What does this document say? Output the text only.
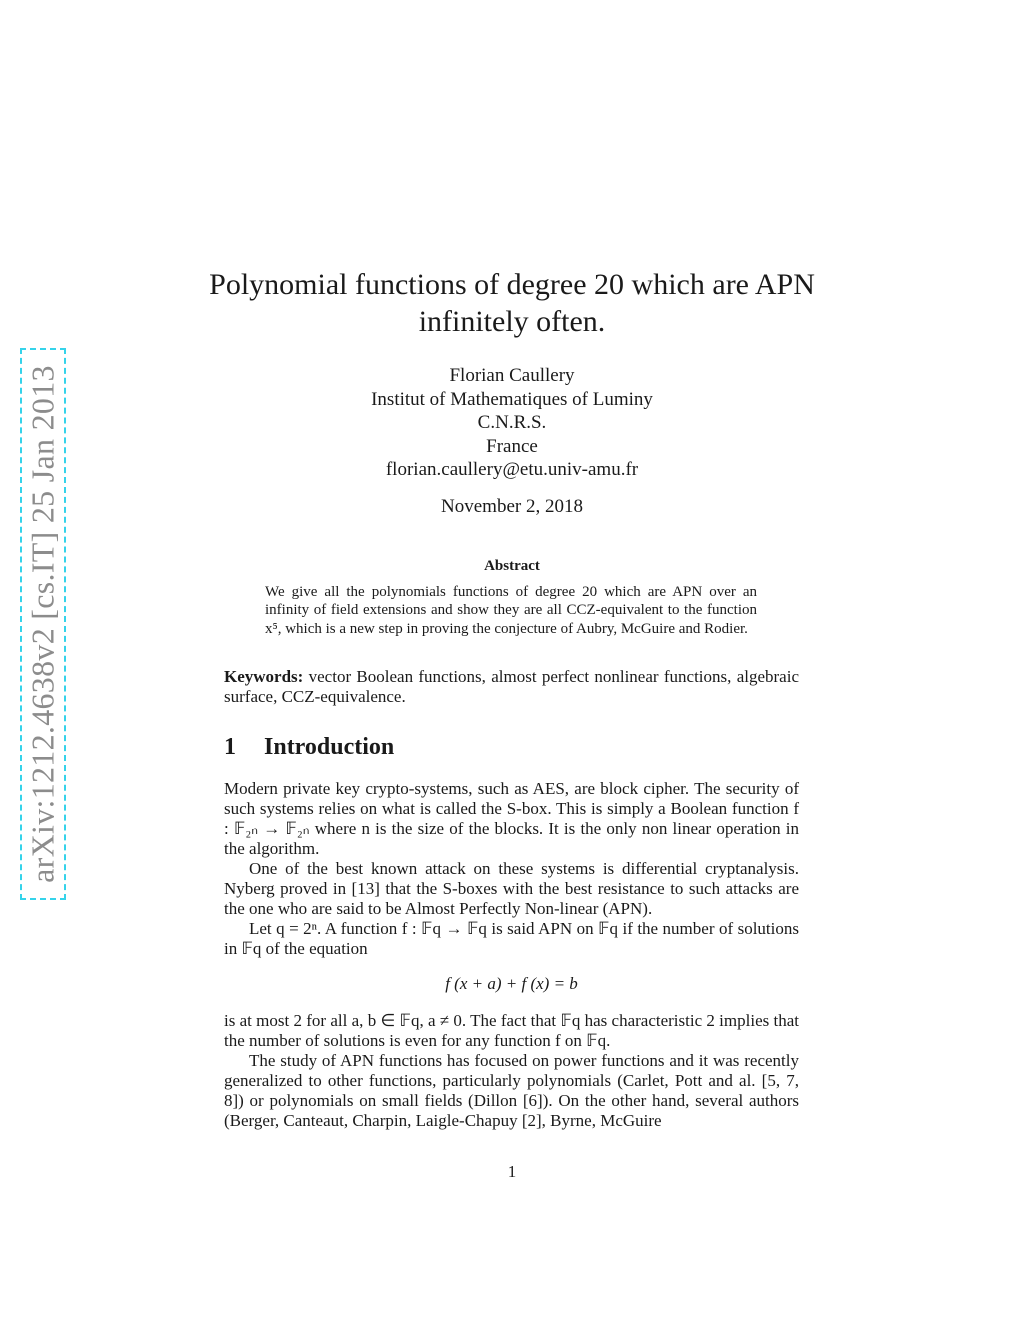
arXiv:1212.4638v2 [cs.IT] 25 Jan 2013
Polynomial functions of degree 20 which are APN
infinitely often.
Florian Caullery
Institut of Mathematiques of Luminy
C.N.R.S.
France
florian.caullery@etu.univ-amu.fr
November 2, 2018
Abstract
We give all the polynomials functions of degree 20 which are APN over an infinity of field extensions and show they are all CCZ-equivalent to the function x⁵, which is a new step in proving the conjecture of Aubry, McGuire and Rodier.
Keywords: vector Boolean functions, almost perfect nonlinear functions, algebraic surface, CCZ-equivalence.
1 Introduction

Modern private key crypto-systems, such as AES, are block cipher. The security of such systems relies on what is called the S-box. This is simply a Boolean function f : 𝔽₂ₙ → 𝔽₂ₙ where n is the size of the blocks. It is the only non linear operation in the algorithm.

One of the best known attack on these systems is differential cryptanalysis. Nyberg proved in [13] that the S-boxes with the best resistance to such attacks are the one who are said to be Almost Perfectly Non-linear (APN).

Let q = 2ⁿ. A function f : 𝔽q → 𝔽q is said APN on 𝔽q if the number of solutions in 𝔽q of the equation

f (x + a) + f (x) = b

is at most 2 for all a, b ∈ 𝔽q, a ≠ 0. The fact that 𝔽q has characteristic 2 implies that the number of solutions is even for any function f on 𝔽q.

The study of APN functions has focused on power functions and it was recently generalized to other functions, particularly polynomials (Carlet, Pott and al. [5, 7, 8]) or polynomials on small fields (Dillon [6]). On the other hand, several authors (Berger, Canteaut, Charpin, Laigle-Chapuy [2], Byrne, McGuire

1
